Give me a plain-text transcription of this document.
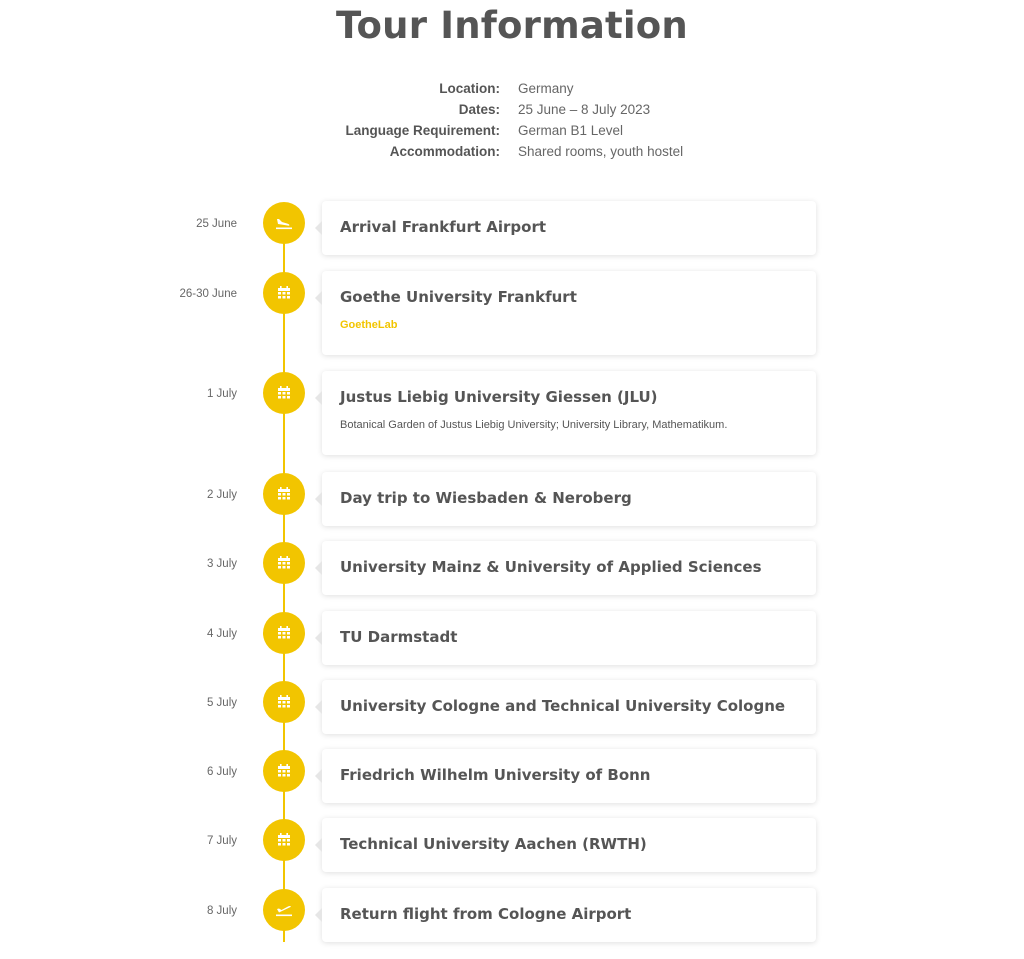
Tour Information
Location: Germany
Dates: 25 June – 8 July 2023
Language Requirement: German B1 Level
Accommodation: Shared rooms, youth hostel
25 June	Arrival Frankfurt Airport
26-30 June	Goethe University Frankfurt
GoetheLab
1 July	Justus Liebig University Giessen (JLU)
Botanical Garden of Justus Liebig University; University Library, Mathematikum.
2 July	Day trip to Wiesbaden & Neroberg
3 July	University Mainz & University of Applied Sciences
4 July	TU Darmstadt
5 July	University Cologne and Technical University Cologne
6 July	Friedrich Wilhelm University of Bonn
7 July	Technical University Aachen (RWTH)
8 July	Return flight from Cologne Airport
